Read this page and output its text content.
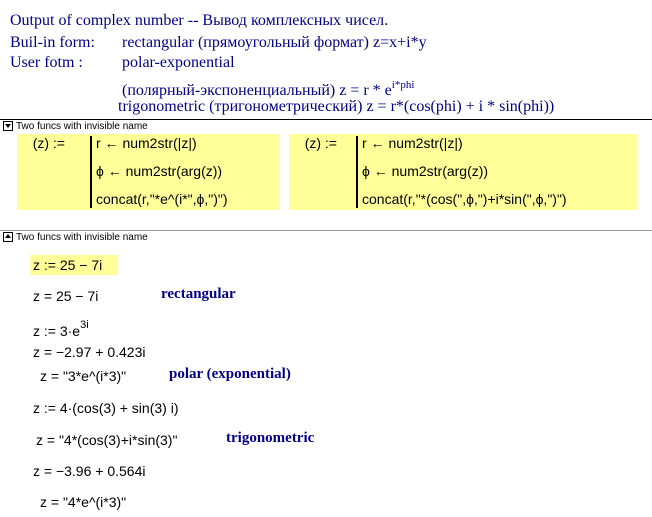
Output of complex number -- Вывод комплексных чисел.
Buil-in form: rectangular (прямоугольный формат) z=x+i*y
User fotm : polar-exponential
(полярный-экспоненциальный) $z = r * e^{i*phi}$
trigonometric (тригонометрический) z = r*(cos(phi) + i * sin(phi))
Two funcs with invisible name
f1(z) := r ← num2str(|z|)
ϕ ← num2str(arg(z))
concat(r,"*e^(i*",ϕ,")")
f2(z) := r ← num2str(|z|)
ϕ ← num2str(arg(z))
concat(r,"*(cos(",ϕ,")+i*sin(",ϕ,")")
Two funcs with invisible name
z := 25 − 7i
z = 25 − 7i	rectangular
z := $3\cdot e^{3i}$
z = −2.97 + 0.423i
z = "3*e^(i*3)"	polar (exponential)
z := 4·(cos(3) + sin(3) i)
z = "4*(cos(3)+i*sin(3)"	trigonometric
z = −3.96 + 0.564i
z = "4*e^(i*3)"
